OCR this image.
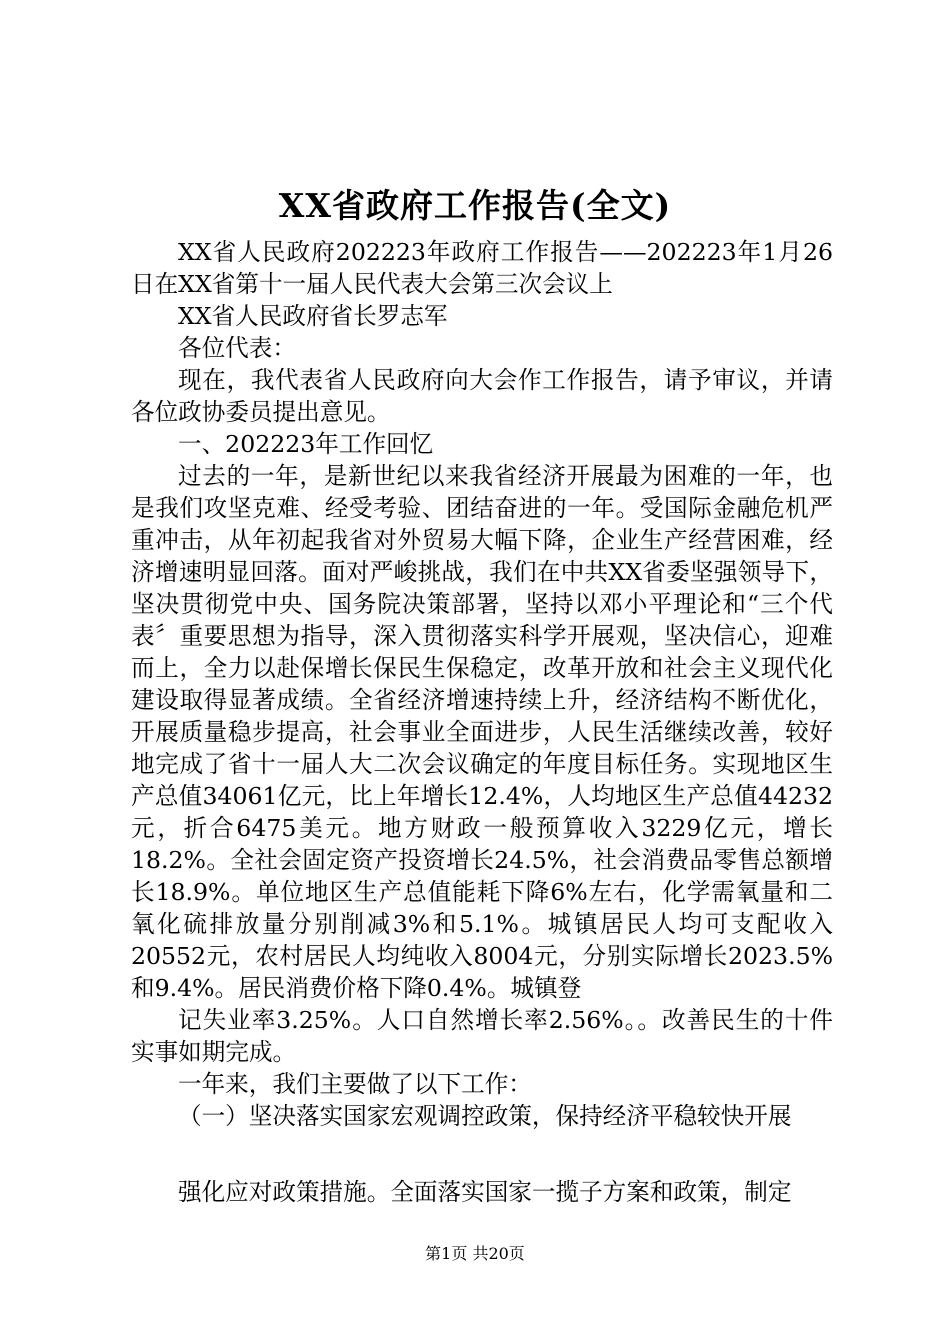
XX省政府工作报告(全文)

XX省人民政府202223年政府工作报告——202223年1月26日在XX省第十一届人民代表大会第三次会议上

XX省人民政府省长罗志军

各位代表：

现在，我代表省人民政府向大会作工作报告，请予审议，并请各位政协委员提出意见。

一、202223年工作回忆

过去的一年，是新世纪以来我省经济开展最为困难的一年，也是我们攻坚克难、经受考验、团结奋进的一年。受国际金融危机严重冲击，从年初起我省对外贸易大幅下降，企业生产经营困难，经济增速明显回落。面对严峻挑战，我们在中共XX省委坚强领导下，坚决贯彻党中央、国务院决策部署，坚持以邓小平理论和“三个代表〞重要思想为指导，深入贯彻落实科学开展观，坚决信心，迎难而上，全力以赴保增长保民生保稳定，改革开放和社会主义现代化建设取得显著成绩。全省经济增速持续上升，经济结构不断优化，开展质量稳步提高，社会事业全面进步，人民生活继续改善，较好地完成了省十一届人大二次会议确定的年度目标任务。实现地区生产总值34061亿元，比上年增长12.4%，人均地区生产总值44232元，折合6475美元。地方财政一般预算收入3229亿元，增长18.2%。全社会固定资产投资增长24.5%，社会消费品零售总额增长18.9%。单位地区生产总值能耗下降6%左右，化学需氧量和二氧化硫排放量分别削减3%和5.1%。城镇居民人均可支配收入20552元，农村居民人均纯收入8004元，分别实际增长2023.5%和9.4%。居民消费价格下降0.4%。城镇登

记失业率3.25%。人口自然增长率2.56%。。改善民生的十件实事如期完成。

一年来，我们主要做了以下工作：

（一）坚决落实国家宏观调控政策，保持经济平稳较快开展

强化应对政策措施。全面落实国家一揽子方案和政策，制定

第1页 共20页
